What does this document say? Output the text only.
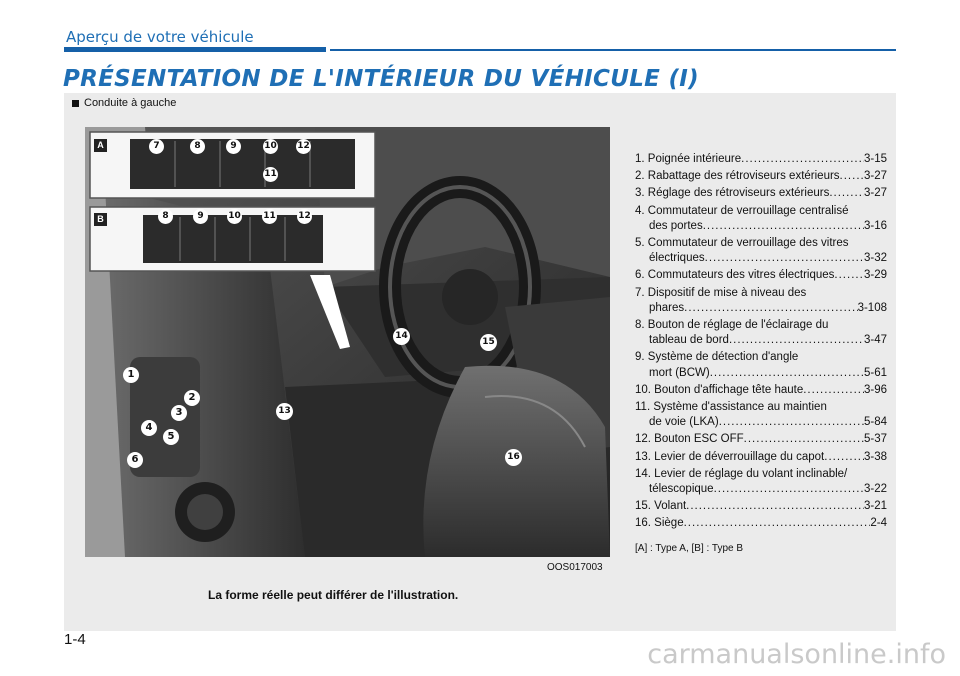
Aperçu de votre véhicule
PRÉSENTATION DE L'INTÉRIEUR DU VÉHICULE (I)
Conduite à gauche
A
B
7	8	9	10 12
11
8	9	10 11 12
1
2
3
4
5
6
13
14
15
16
OOS017003
La forme réelle peut différer de l'illustration.
1. Poignée intérieure .....	3-15
2. Rabattage des rétroviseurs extérieurs ..... 3-27
3. Réglage des rétroviseurs extérieurs .....	3-27
4. Commutateur de verrouillage centralisé
des portes .....	3-16
5. Commutateur de verrouillage des vitres
électriques .....	3-32
6. Commutateurs des vitres électriques .....	3-29
7. Dispositif de mise à niveau des
phares .....	3-108
8. Bouton de réglage de l'éclairage du
tableau de bord .....	3-47
9. Système de détection d'angle
mort (BCW) .....	5-61
10. Bouton d'affichage tête haute .....	3-96
11. Système d'assistance au maintien
de voie (LKA) .....	5-84
12. Bouton ESC OFF .....	5-37
13. Levier de déverrouillage du capot .....	3-38
14. Levier de réglage du volant inclinable/
télescopique .....	3-22
15. Volant .....	3-21
16. Siège .....	2-4
[A] : Type A, [B] : Type B
1-4	carmanualsonline.info
